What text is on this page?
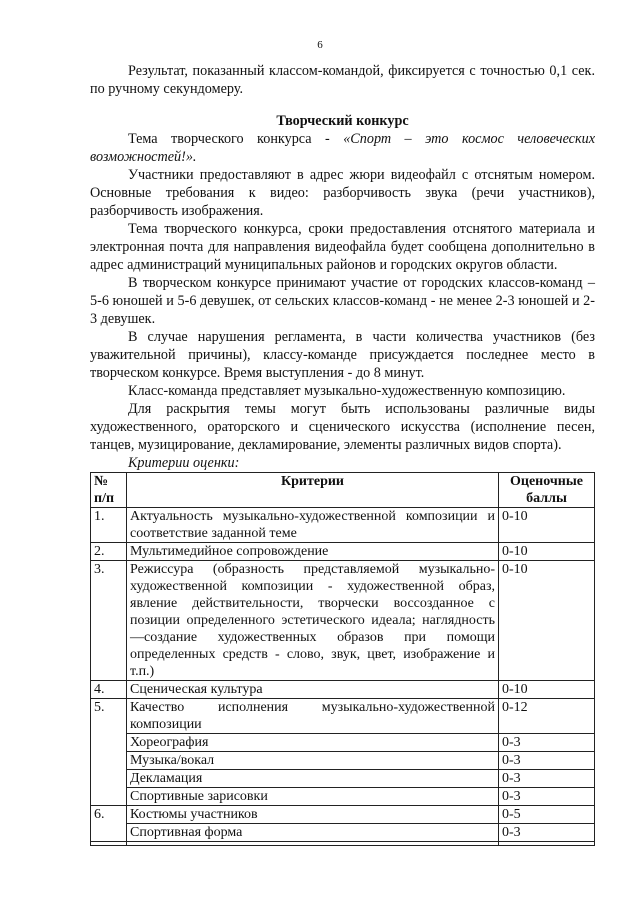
6

Результат, показанный классом-командой, фиксируется с точностью 0,1 сек. по ручному секундомеру.

Творческий конкурс

Тема творческого конкурса - «Спорт – это космос человеческих возможностей!».

Участники предоставляют в адрес жюри видеофайл с отснятым номером. Основные требования к видео: разборчивость звука (речи участников), разборчивость изображения.

Тема творческого конкурса, сроки предоставления отснятого материала и электронная почта для направления видеофайла будет сообщена дополнительно в адрес администраций муниципальных районов и городских округов области.

В творческом конкурсе принимают участие от городских классов-команд – 5-6 юношей и 5-6 девушек, от сельских классов-команд - не менее 2-3 юношей и 2-3 девушек.

В случае нарушения регламента, в части количества участников (без уважительной причины), классу-команде присуждается последнее место в творческом конкурсе. Время выступления - до 8 минут.

Класс-команда представляет музыкально-художественную композицию.

Для раскрытия темы могут быть использованы различные виды художественного, ораторского и сценического искусства (исполнение песен, танцев, музицирование, декламирование, элементы различных видов спорта).

Критерии оценки:

№ п/п	Критерии	Оценочные баллы
1.	Актуальность музыкально-художественной композиции и соответствие заданной теме	0-10
2.	Мультимедийное сопровождение	0-10
3.	Режиссура (образность представляемой музыкально-художественной композиции - художественной образ, явление действительности, творчески воссозданное с позиции определенного эстетического идеала; наглядность —создание художественных образов при помощи определенных средств - слово, звук, цвет, изображение и т.п.)	0-10
4.	Сценическая культура	0-10
5.	Качество исполнения музыкально-художественной композиции	0-12
	Хореография	0-3
	Музыка/вокал	0-3
	Декламация	0-3
	Спортивные зарисовки	0-3
6.	Костюмы участников	0-5
	Спортивная форма	0-3
